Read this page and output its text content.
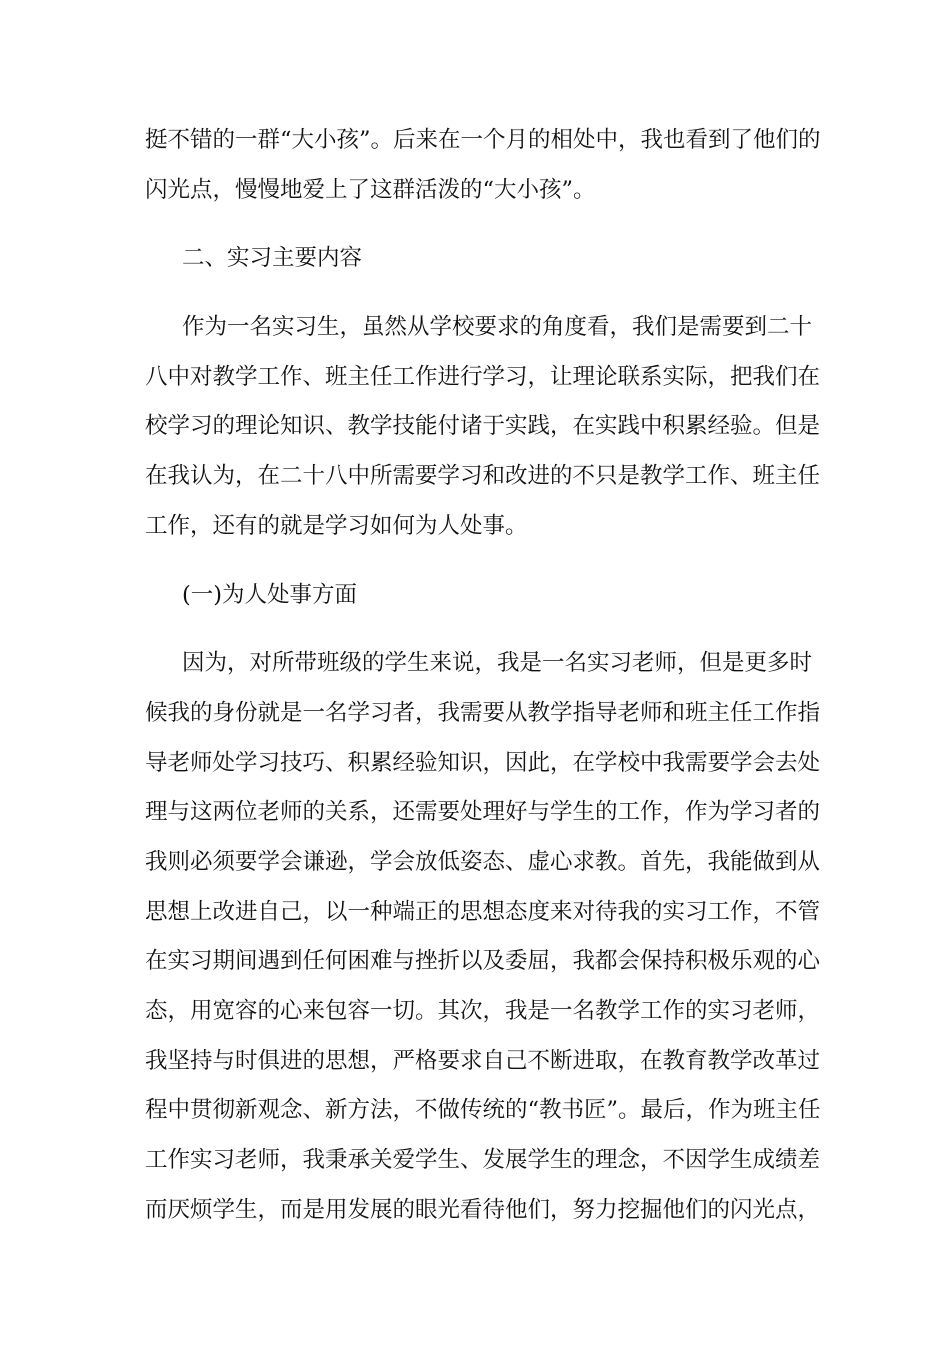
挺不错的一群“大小孩”。后来在一个月的相处中，我也看到了他们的
闪光点，慢慢地爱上了这群活泼的“大小孩”。
二、实习主要内容
作为一名实习生，虽然从学校要求的角度看，我们是需要到二十
八中对教学工作、班主任工作进行学习，让理论联系实际，把我们在
校学习的理论知识、教学技能付诸于实践，在实践中积累经验。但是
在我认为，在二十八中所需要学习和改进的不只是教学工作、班主任
工作，还有的就是学习如何为人处事。
(一)为人处事方面
因为，对所带班级的学生来说，我是一名实习老师，但是更多时
候我的身份就是一名学习者，我需要从教学指导老师和班主任工作指
导老师处学习技巧、积累经验知识，因此，在学校中我需要学会去处
理与这两位老师的关系，还需要处理好与学生的工作，作为学习者的
我则必须要学会谦逊，学会放低姿态、虚心求教。首先，我能做到从
思想上改进自己，以一种端正的思想态度来对待我的实习工作，不管
在实习期间遇到任何困难与挫折以及委屈，我都会保持积极乐观的心
态，用宽容的心来包容一切。其次，我是一名教学工作的实习老师，
我坚持与时俱进的思想，严格要求自己不断进取，在教育教学改革过
程中贯彻新观念、新方法，不做传统的“教书匠”。最后，作为班主任
工作实习老师，我秉承关爱学生、发展学生的理念，不因学生成绩差
而厌烦学生，而是用发展的眼光看待他们，努力挖掘他们的闪光点，
